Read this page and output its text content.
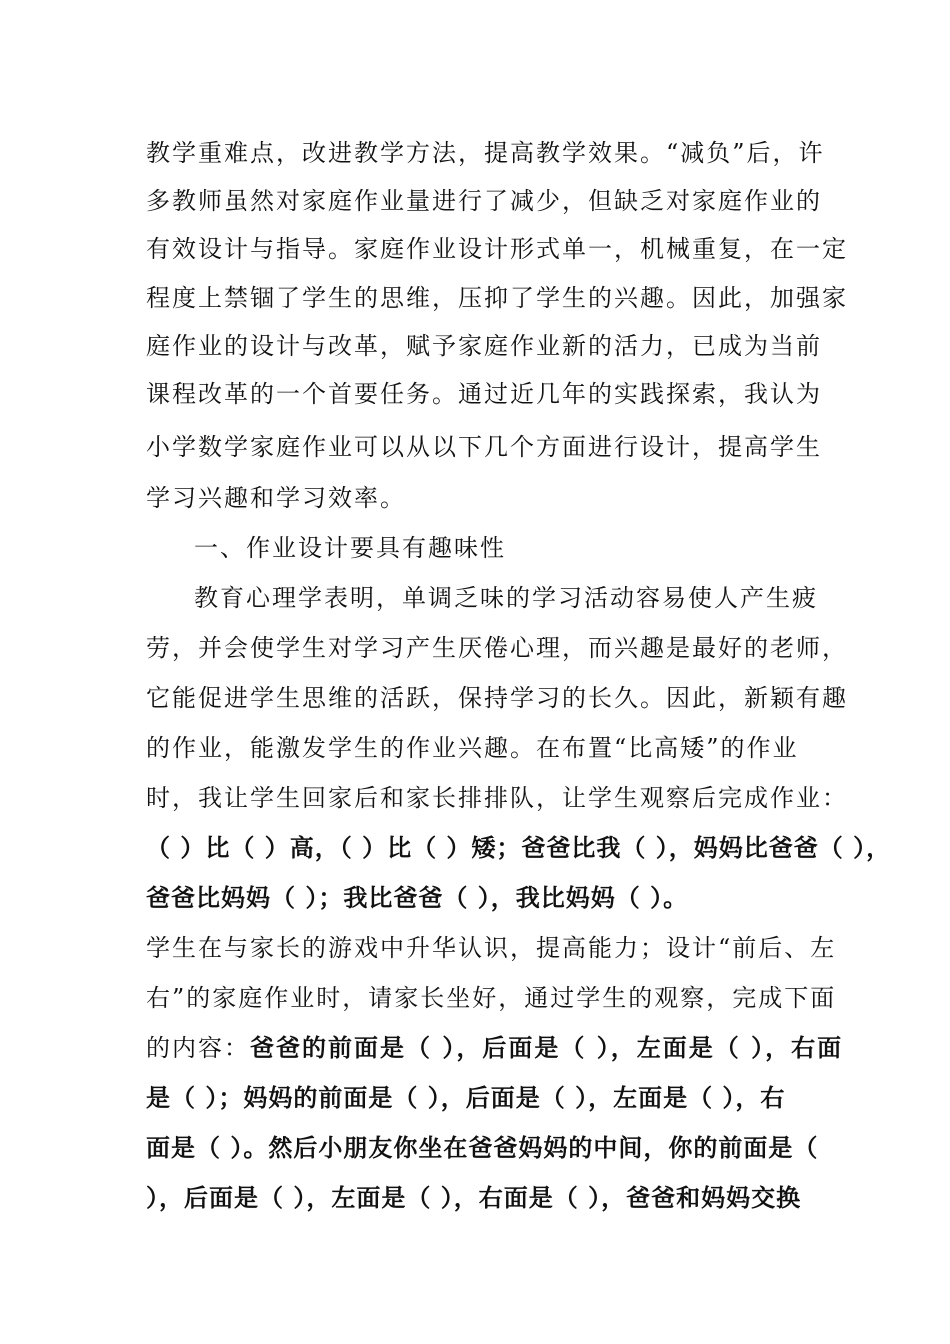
教学重难点，改进教学方法，提高教学效果。“减负”后，许
多教师虽然对家庭作业量进行了减少，但缺乏对家庭作业的
有效设计与指导。家庭作业设计形式单一，机械重复，在一定
程度上禁锢了学生的思维，压抑了学生的兴趣。因此，加强家
庭作业的设计与改革，赋予家庭作业新的活力，已成为当前
课程改革的一个首要任务。通过近几年的实践探索，我认为
小学数学家庭作业可以从以下几个方面进行设计，提高学生
学习兴趣和学习效率。
一、作业设计要具有趣味性
教育心理学表明，单调乏味的学习活动容易使人产生疲
劳，并会使学生对学习产生厌倦心理，而兴趣是最好的老师，
它能促进学生思维的活跃，保持学习的长久。因此，新颖有趣
的作业，能激发学生的作业兴趣。在布置“比高矮”的作业
时，我让学生回家后和家长排排队，让学生观察后完成作业：
（ ）比（ ）高，（ ）比（ ）矮；爸爸比我（ ），妈妈比爸爸（ ），
爸爸比妈妈（ ）；我比爸爸（ ），我比妈妈（ ）。
学生在与家长的游戏中升华认识，提高能力；设计“前后、左
右”的家庭作业时，请家长坐好，通过学生的观察，完成下面
的内容：爸爸的前面是（ ），后面是（ ），左面是（ ），右面
是（ ）；妈妈的前面是（ ），后面是（ ），左面是（ ），右
面是（ ）。然后小朋友你坐在爸爸妈妈的中间，你的前面是（
），后面是（ ），左面是（ ），右面是（ ），爸爸和妈妈交换
